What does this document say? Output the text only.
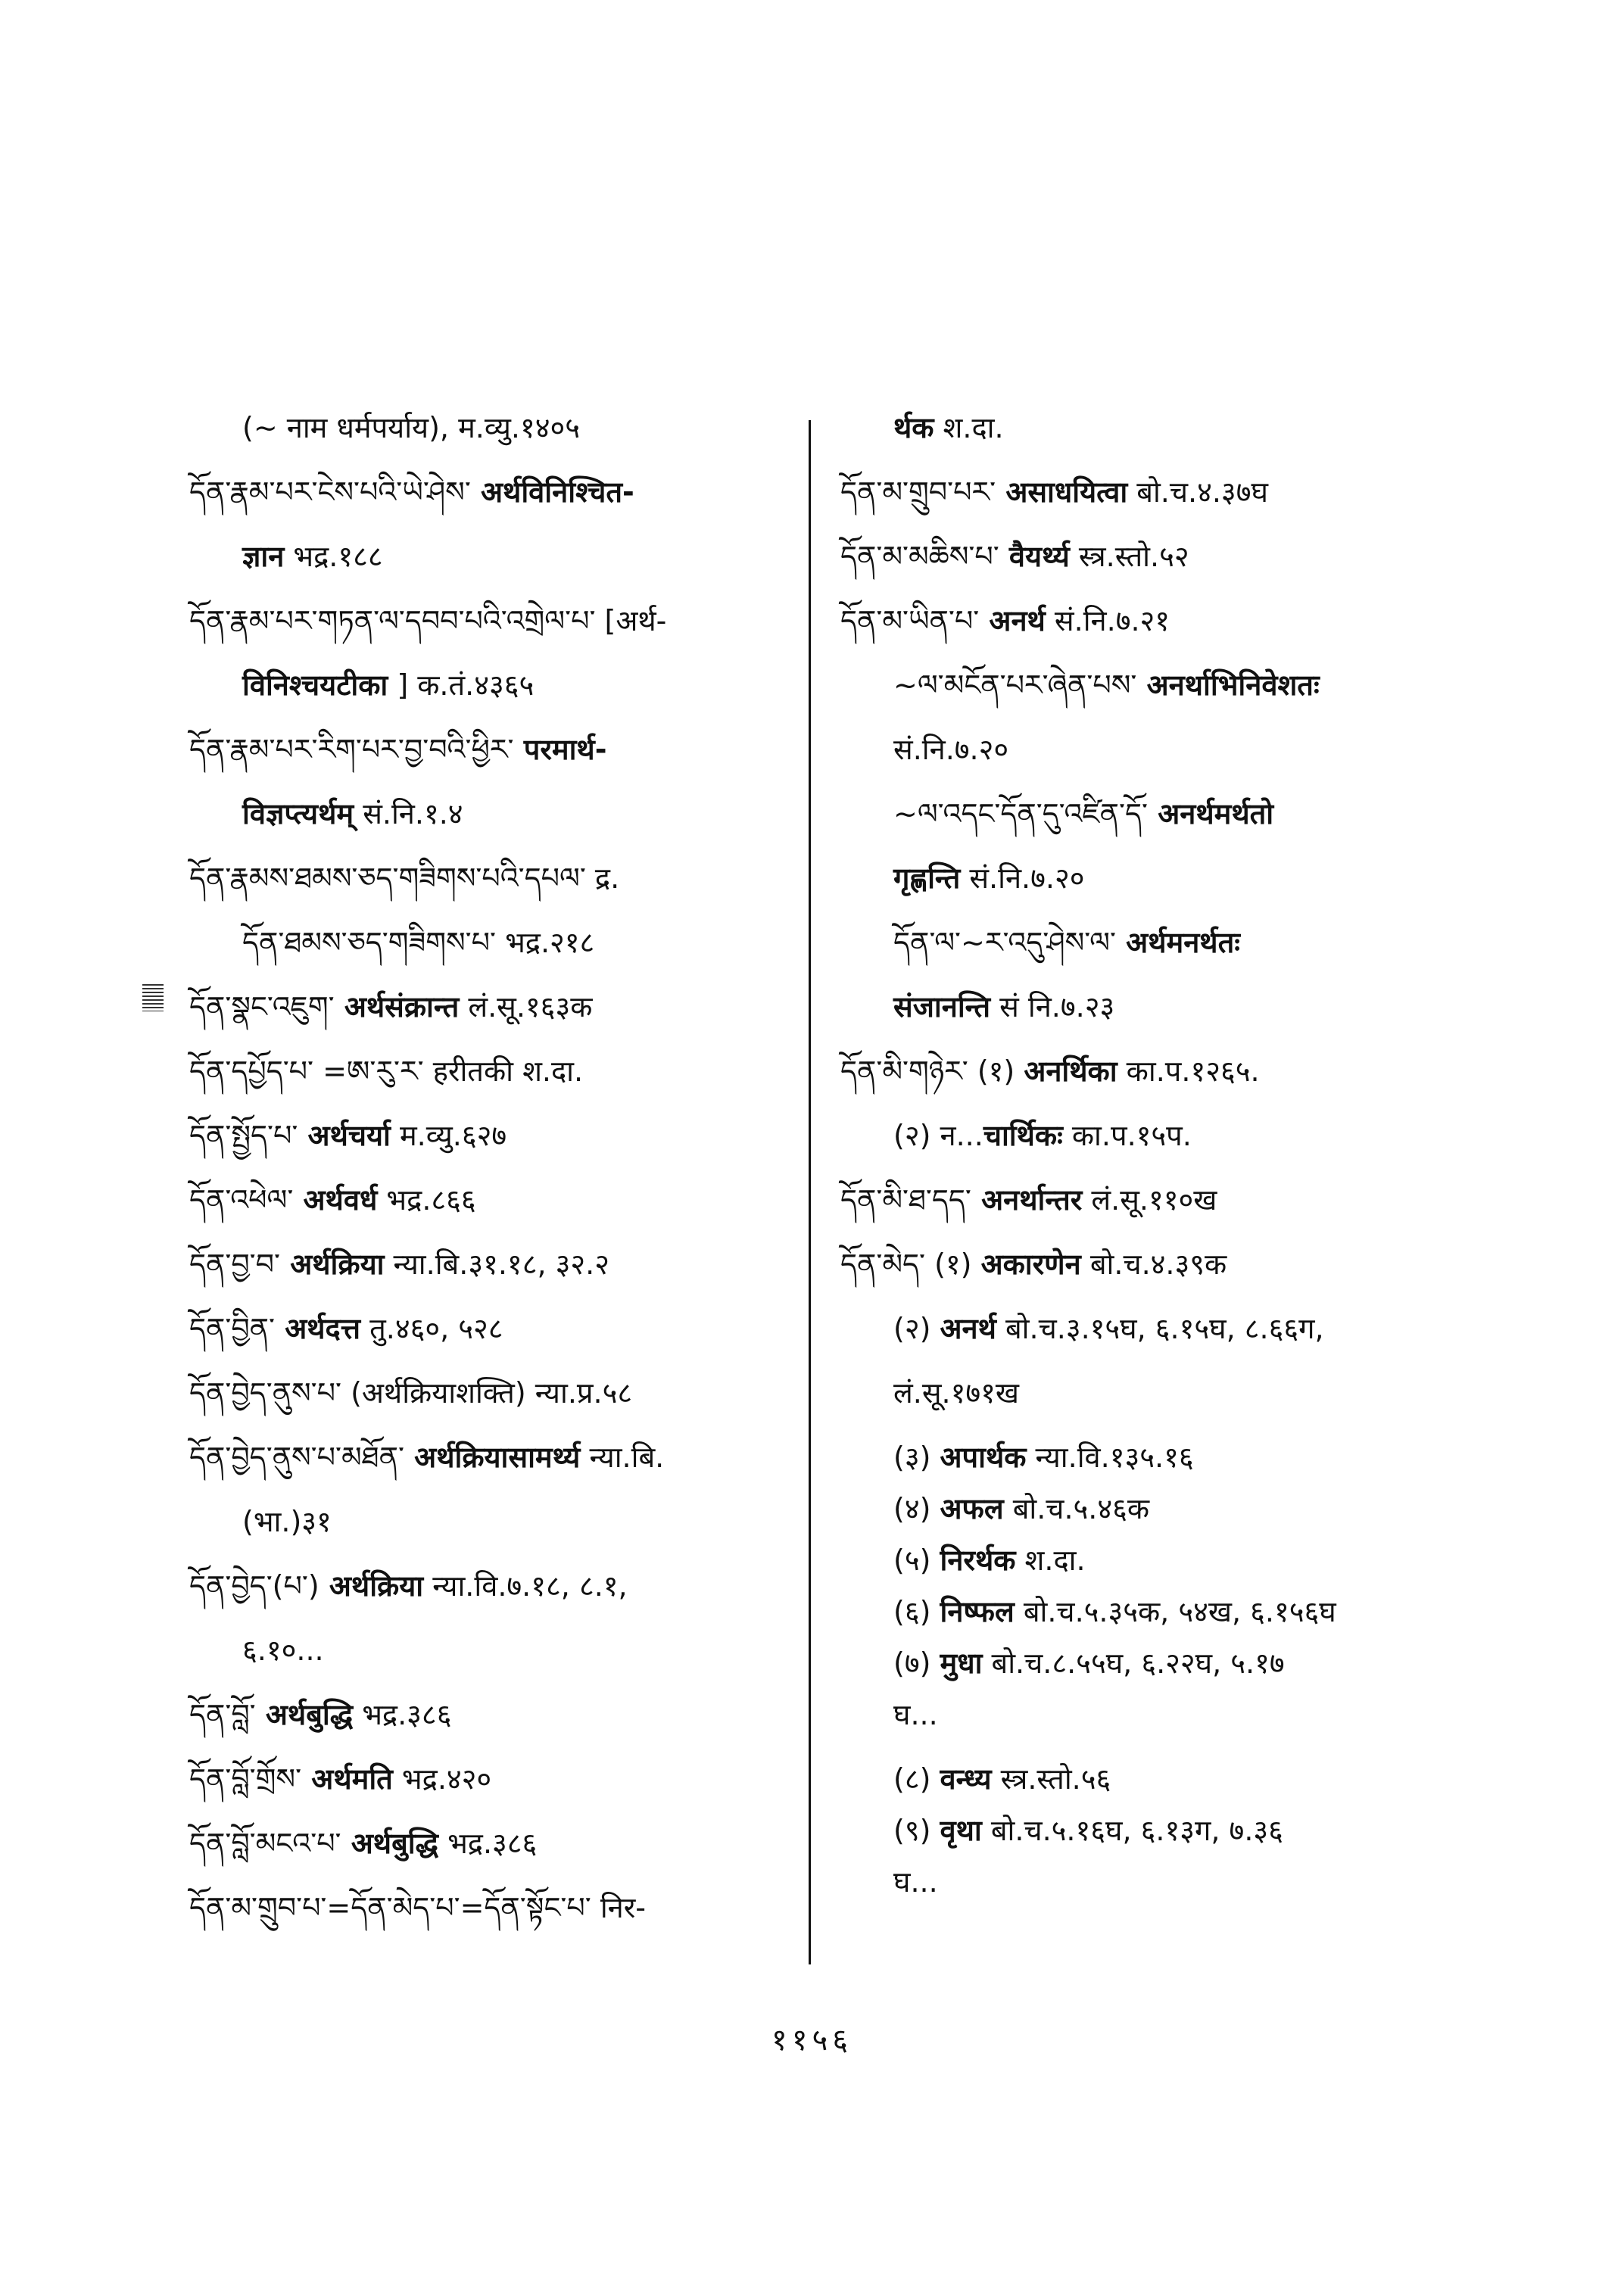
(~ नाम धर्मपर्याय), म.व्यु.१४०५
དོན་རྣམ་པར་ངེས་པའི་ཡེ་ཤེས་ अर्थविनिश्चित-
ज्ञान भद्र.१८८
དོན་རྣམ་པར་གཏན་ལ་དབབ་པའི་འགྲེལ་པ་ [अर्थ-
विनिश्चयटीका ] क.तं.४३६५
དོན་རྣམ་པར་རིག་པར་བྱ་བའི་ཕྱིར་ परमार्थ-
विज्ञप्त्यर्थम् सं.नि.१.४
དོན་རྣམས་ཐམས་ཅད་གཟིགས་པའི་དཔལ་ द्र.
དོན་ཐམས་ཅད་གཟིགས་པ་ भद्र.२१८
དོན་སྣང་འཇུག་ अर्थसंक्रान्त लं.सू.१६३क
དོན་དཔྱོད་པ་ =ཨ་རུ་ར་ हरीतकी श.दा.
དོན་སྤྱོད་པ་ अर्थचर्या म.व्यु.६२७
དོན་འཕེལ་ अर्थवर्ध भद्र.८६६
དོན་བྱ་བ་ अर्थक्रिया न्या.बि.३१.१८, ३२.२
དོན་བྱིན་ अर्थदत्त तु.४६०, ५२८
དོན་བྱེད་ནུས་པ་ (अर्थक्रियाशक्ति) न्या.प्र.५८
དོན་བྱེད་ནུས་པ་མཐོན་ अर्थक्रियासामर्थ्य न्या.बि.
(भा.)३१
དོན་བྱེད་(པ་) अर्थक्रिया न्या.वि.७.१८, ८.१,
६.१०...
དོན་བློ་ अर्थबुद्धि भद्र.३८६
དོན་བློ་གྲོས་ अर्थमति भद्र.४२०
དོན་བློ་མངའ་པ་ अर्थबुद्धि भद्र.३८६
དོན་མ་གྲུབ་པ་=དོན་མེད་པ་=དོན་སྟོང་པ་ निर-
र्थक श.दा.
དོན་མ་གྲུབ་པར་ असाधयित्वा बो.च.४.३७घ
དོན་མ་མཆིས་པ་ वैयर्थ्य स्त्र.स्तो.५२
དོན་མ་ཡིན་པ་ अनर्थ सं.नि.७.२१
~ལ་མངོན་པར་ཞེན་པས་ अनर्थाभिनिवेशतः
सं.नि.७.२०
~ལ་འདང་དོན་དུ་འཛིན་དོ་ अनर्थमर्थतो
गृह्णन्ति सं.नि.७.२०
དོན་ལ་~ར་འདུ་ཤེས་ལ་ अर्थमनर्थतः
संजानन्ति सं नि.७.२३
དོན་མི་གཉེར་ (१) अनर्थिका का.प.१२६५.
(२) न...चार्थिकः का.प.१५प.
དོན་མི་ཐ་དད་ अनर्थान्तर लं.सू.११०ख
དོན་མེད་ (१) अकारणेन बो.च.४.३९क
(२) अनर्थ बो.च.३.१५घ, ६.१५घ, ८.६६ग,
लं.सू.१७१ख
(३) अपार्थक न्या.वि.१३५.१६
(४) अफल बो.च.५.४६क
(५) निरर्थक श.दा.
(६) निष्फल बो.च.५.३५क, ५४ख, ६.१५६घ
(७) मुधा बो.च.८.५५घ, ६.२२घ, ५.१७
घ...
(८) वन्ध्य स्त्र.स्तो.५६
(९) वृथा बो.च.५.१६घ, ६.१३ग, ७.३६
घ...
११५६
